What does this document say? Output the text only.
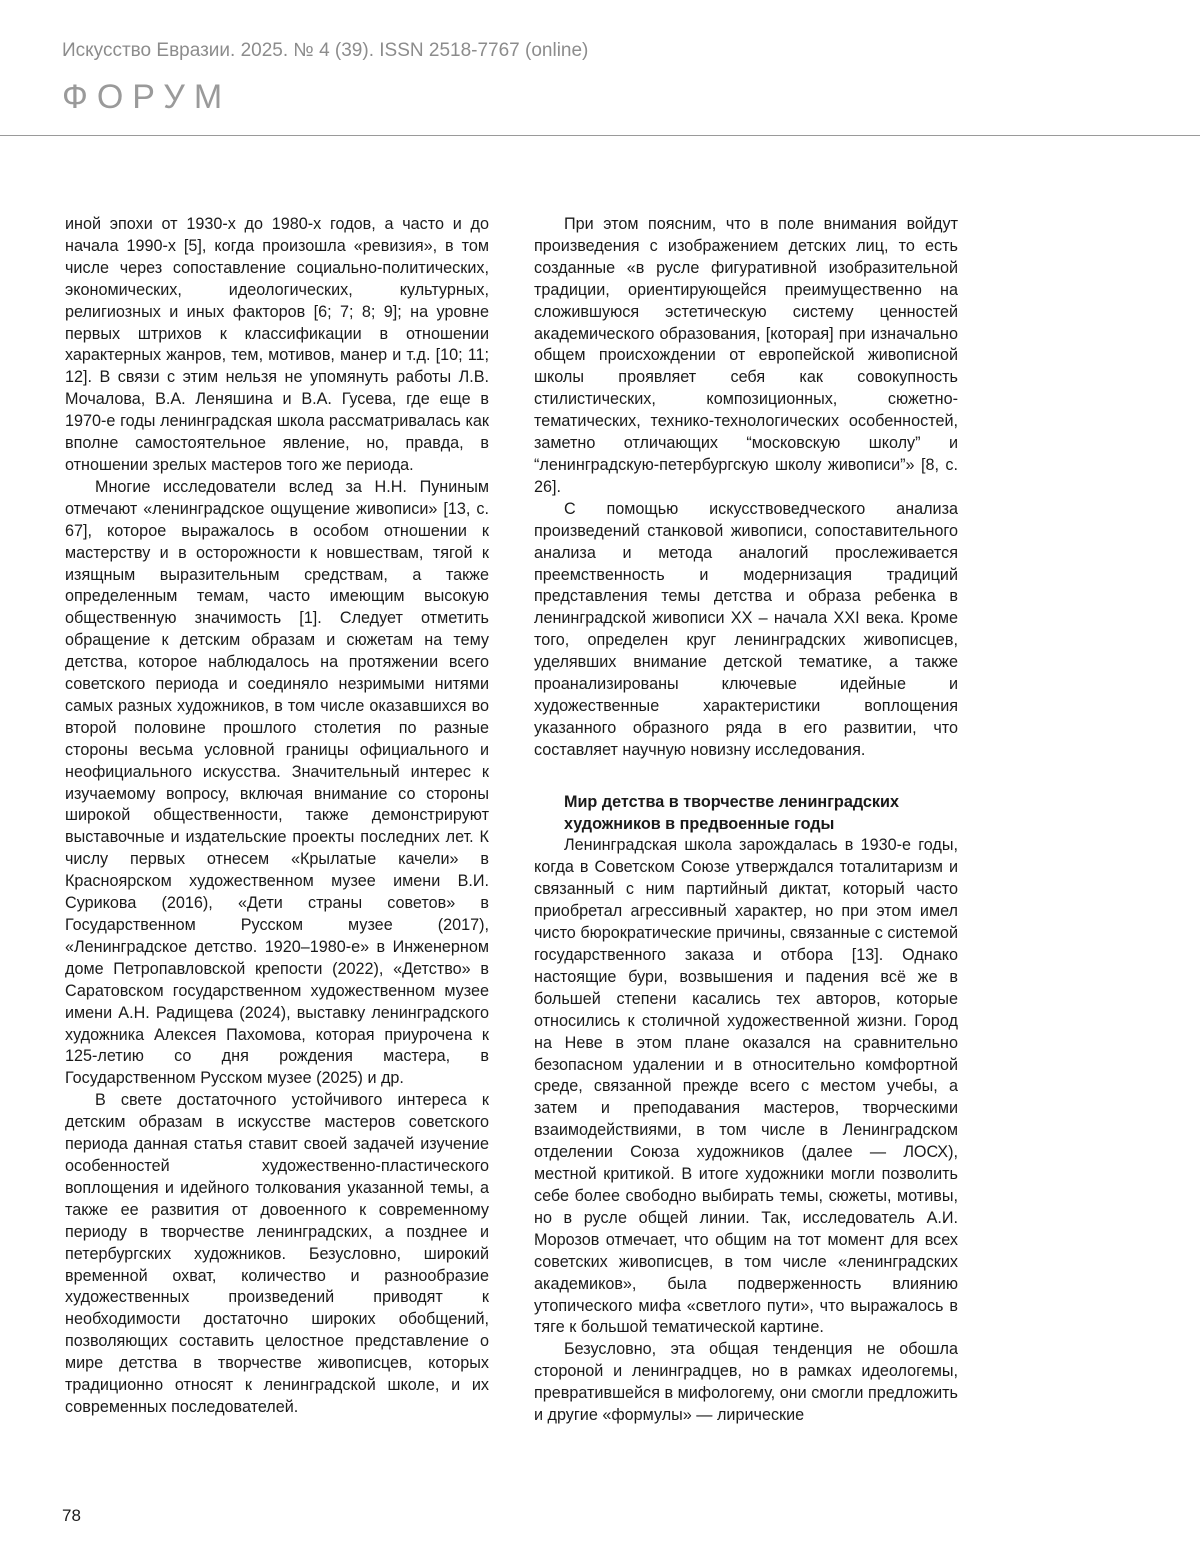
Искусство Евразии. 2025. № 4 (39). ISSN 2518-7767 (online)
ФОРУМ

иной эпохи от 1930-х до 1980-х годов, а часто и до начала 1990-х [5], когда произошла «ревизия», в том числе через сопоставление социально-политических, экономических, идеологических, культурных, религиозных и иных факторов [6; 7; 8; 9]; на уровне первых штрихов к классификации в отношении характерных жанров, тем, мотивов, манер и т.д. [10; 11; 12]. В связи с этим нельзя не упомянуть работы Л.В. Мочалова, В.А. Леняшина и В.А. Гусева, где еще в 1970-е годы ленинградская школа рассматривалась как вполне самостоятельное явление, но, правда, в отношении зрелых мастеров того же периода.

Многие исследователи вслед за Н.Н. Пуниным отмечают «ленинградское ощущение живописи» [13, с. 67], которое выражалось в особом отношении к мастерству и в осторожности к новшествам, тягой к изящным выразительным средствам, а также определенным темам, часто имеющим высокую общественную значимость [1]. Следует отметить обращение к детским образам и сюжетам на тему детства, которое наблюдалось на протяжении всего советского периода и соединяло незримыми нитями самых разных художников, в том числе оказавшихся во второй половине прошлого столетия по разные стороны весьма условной границы официального и неофициального искусства. Значительный интерес к изучаемому вопросу, включая внимание со стороны широкой общественности, также демонстрируют выставочные и издательские проекты последних лет. К числу первых отнесем «Крылатые качели» в Красноярском художественном музее имени В.И. Сурикова (2016), «Дети страны советов» в Государственном Русском музее (2017), «Ленинградское детство. 1920–1980-е» в Инженерном доме Петропавловской крепости (2022), «Детство» в Саратовском государственном художественном музее имени А.Н. Радищева (2024), выставку ленинградского художника Алексея Пахомова, которая приурочена к 125-летию со дня рождения мастера, в Государственном Русском музее (2025) и др.

В свете достаточного устойчивого интереса к детским образам в искусстве мастеров советского периода данная статья ставит своей задачей изучение особенностей художественно-пластического воплощения и идейного толкования указанной темы, а также ее развития от довоенного к современному периоду в творчестве ленинградских, а позднее и петербургских художников. Безусловно, широкий временной охват, количество и разнообразие художественных произведений приводят к необходимости достаточно широких обобщений, позволяющих составить целостное представление о мире детства в творчестве живописцев, которых традиционно относят к ленинградской школе, и их современных последователей.

При этом поясним, что в поле внимания войдут произведения с изображением детских лиц, то есть созданные «в русле фигуративной изобразительной традиции, ориентирующейся преимущественно на сложившуюся эстетическую систему ценностей академического образования, [которая] при изначально общем происхождении от европейской живописной школы проявляет себя как совокупность стилистических, композиционных, сюжетно-тематических, технико-технологических особенностей, заметно отличающих “московскую школу” и “ленинградскую-петербургскую школу живописи”» [8, с. 26].

С помощью искусствоведческого анализа произведений станковой живописи, сопоставительного анализа и метода аналогий прослеживается преемственность и модернизация традиций представления темы детства и образа ребенка в ленинградской живописи XX – начала XXI века. Кроме того, определен круг ленинградских живописцев, уделявших внимание детской тематике, а также проанализированы ключевые идейные и художественные характеристики воплощения указанного образного ряда в его развитии, что составляет научную новизну исследования.

Мир детства в творчестве ленинградских художников в предвоенные годы

Ленинградская школа зарождалась в 1930-е годы, когда в Советском Союзе утверждался тоталитаризм и связанный с ним партийный диктат, который часто приобретал агрессивный характер, но при этом имел чисто бюрократические причины, связанные с системой государственного заказа и отбора [13]. Однако настоящие бури, возвышения и падения всё же в большей степени касались тех авторов, которые относились к столичной художественной жизни. Город на Неве в этом плане оказался на сравнительно безопасном удалении и в относительно комфортной среде, связанной прежде всего с местом учебы, а затем и преподавания мастеров, творческими взаимодействиями, в том числе в Ленинградском отделении Союза художников (далее — ЛОСХ), местной критикой. В итоге художники могли позволить себе более свободно выбирать темы, сюжеты, мотивы, но в русле общей линии. Так, исследователь А.И. Морозов отмечает, что общим на тот момент для всех советских живописцев, в том числе «ленинградских академиков», была подверженность влиянию утопического мифа «светлого пути», что выражалось в тяге к большой тематической картине.

Безусловно, эта общая тенденция не обошла стороной и ленинградцев, но в рамках идеологемы, превратившейся в мифологему, они смогли предложить и другие «формулы» — лирические

78
